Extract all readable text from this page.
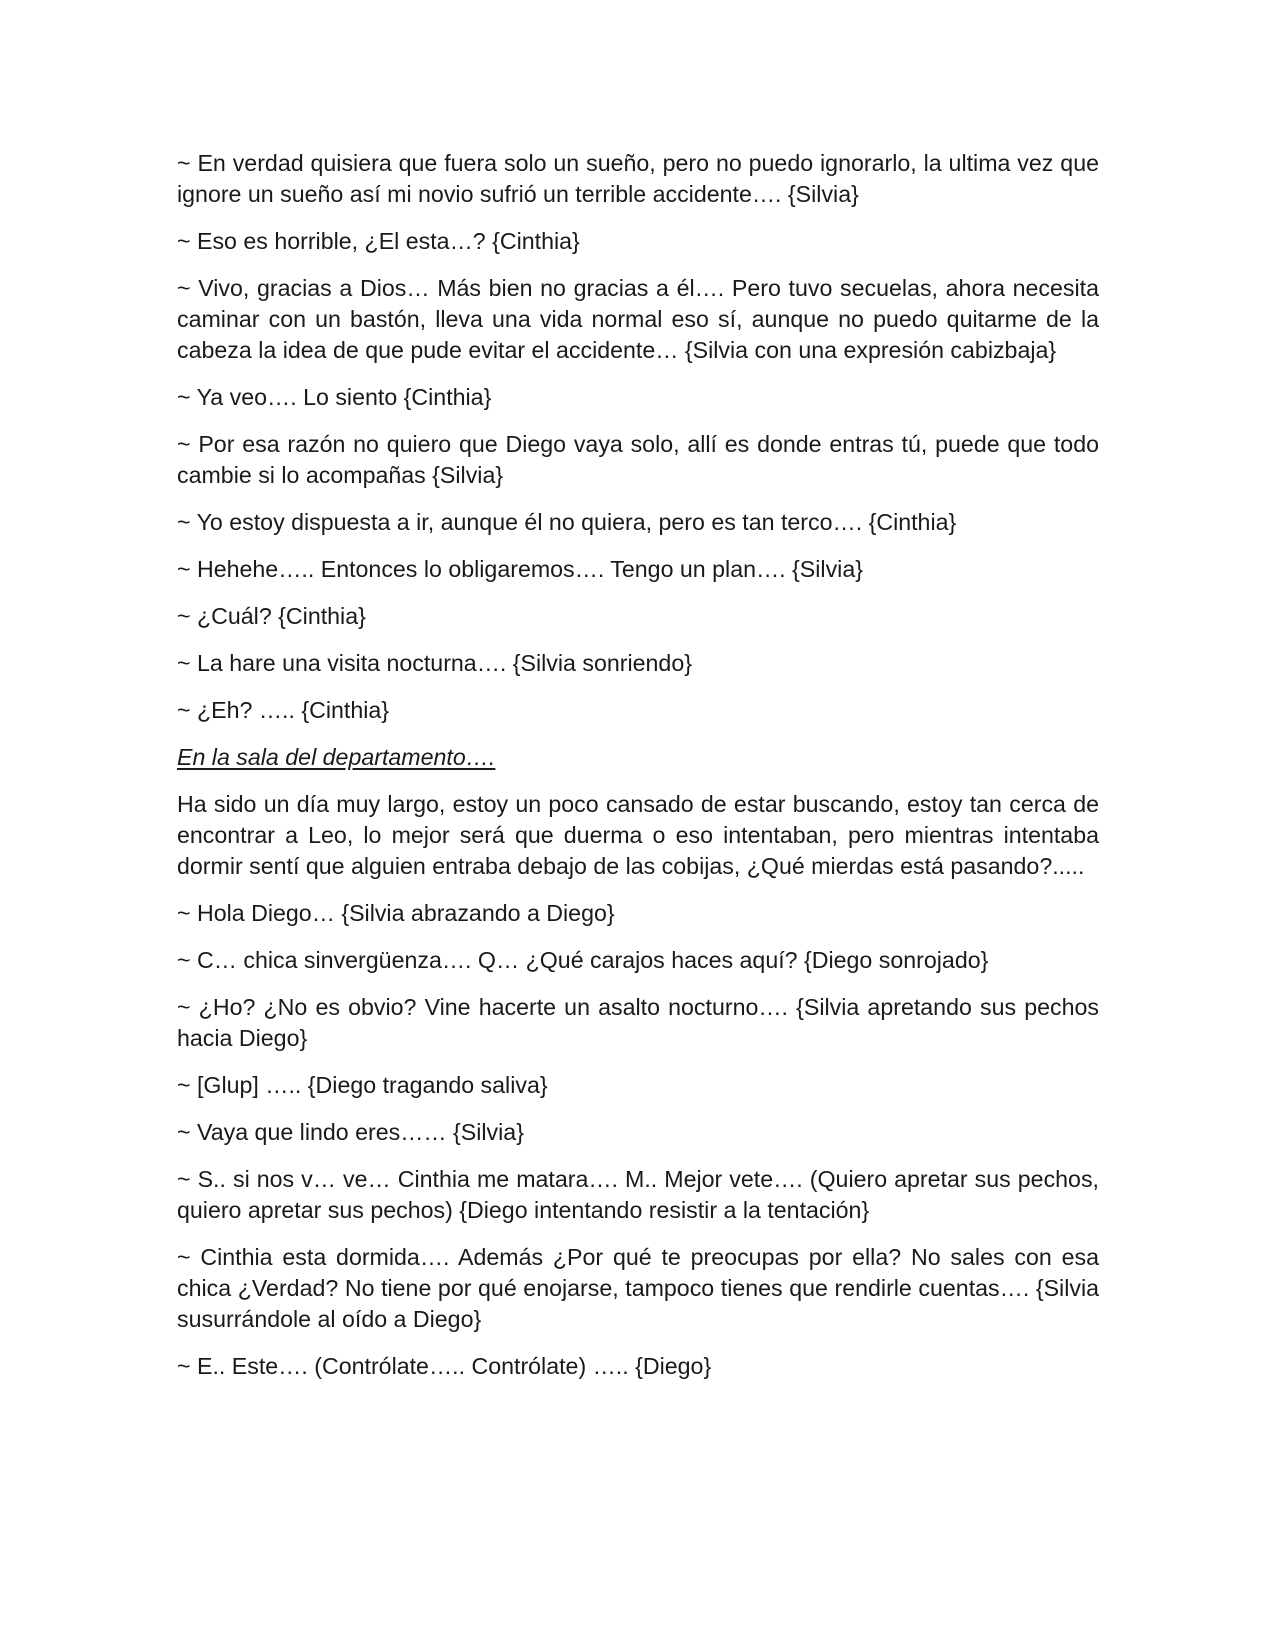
~ En verdad quisiera que fuera solo un sueño, pero no puedo ignorarlo, la ultima vez que ignore un sueño así mi novio sufrió un terrible accidente…. {Silvia}

~ Eso es horrible, ¿El esta…? {Cinthia}

~ Vivo, gracias a Dios… Más bien no gracias a él…. Pero tuvo secuelas, ahora necesita caminar con un bastón, lleva una vida normal eso sí, aunque no puedo quitarme de la cabeza la idea de que pude evitar el accidente… {Silvia con una expresión cabizbaja}

~ Ya veo…. Lo siento {Cinthia}

~ Por esa razón no quiero que Diego vaya solo, allí es donde entras tú, puede que todo cambie si lo acompañas {Silvia}

~ Yo estoy dispuesta a ir, aunque él no quiera, pero es tan terco…. {Cinthia}

~ Hehehe….. Entonces lo obligaremos…. Tengo un plan…. {Silvia}

~ ¿Cuál? {Cinthia}

~ La hare una visita nocturna…. {Silvia sonriendo}

~ ¿Eh? ….. {Cinthia}

En la sala del departamento….

Ha sido un día muy largo, estoy un poco cansado de estar buscando, estoy tan cerca de encontrar a Leo, lo mejor será que duerma o eso intentaban, pero mientras intentaba dormir sentí que alguien entraba debajo de las cobijas, ¿Qué mierdas está pasando?.....

~ Hola Diego… {Silvia abrazando a Diego}

~ C… chica sinvergüenza…. Q… ¿Qué carajos haces aquí? {Diego sonrojado}

~ ¿Ho? ¿No es obvio? Vine hacerte un asalto nocturno…. {Silvia apretando sus pechos hacia Diego}

~ [Glup] ….. {Diego tragando saliva}

~ Vaya que lindo eres…… {Silvia}

~ S.. si nos v… ve… Cinthia me matara…. M.. Mejor vete…. (Quiero apretar sus pechos, quiero apretar sus pechos) {Diego intentando resistir a la tentación}

~ Cinthia esta dormida…. Además ¿Por qué te preocupas por ella? No sales con esa chica ¿Verdad? No tiene por qué enojarse, tampoco tienes que rendirle cuentas…. {Silvia susurrándole al oído a Diego}

~ E.. Este…. (Contrólate….. Contrólate) ….. {Diego}
